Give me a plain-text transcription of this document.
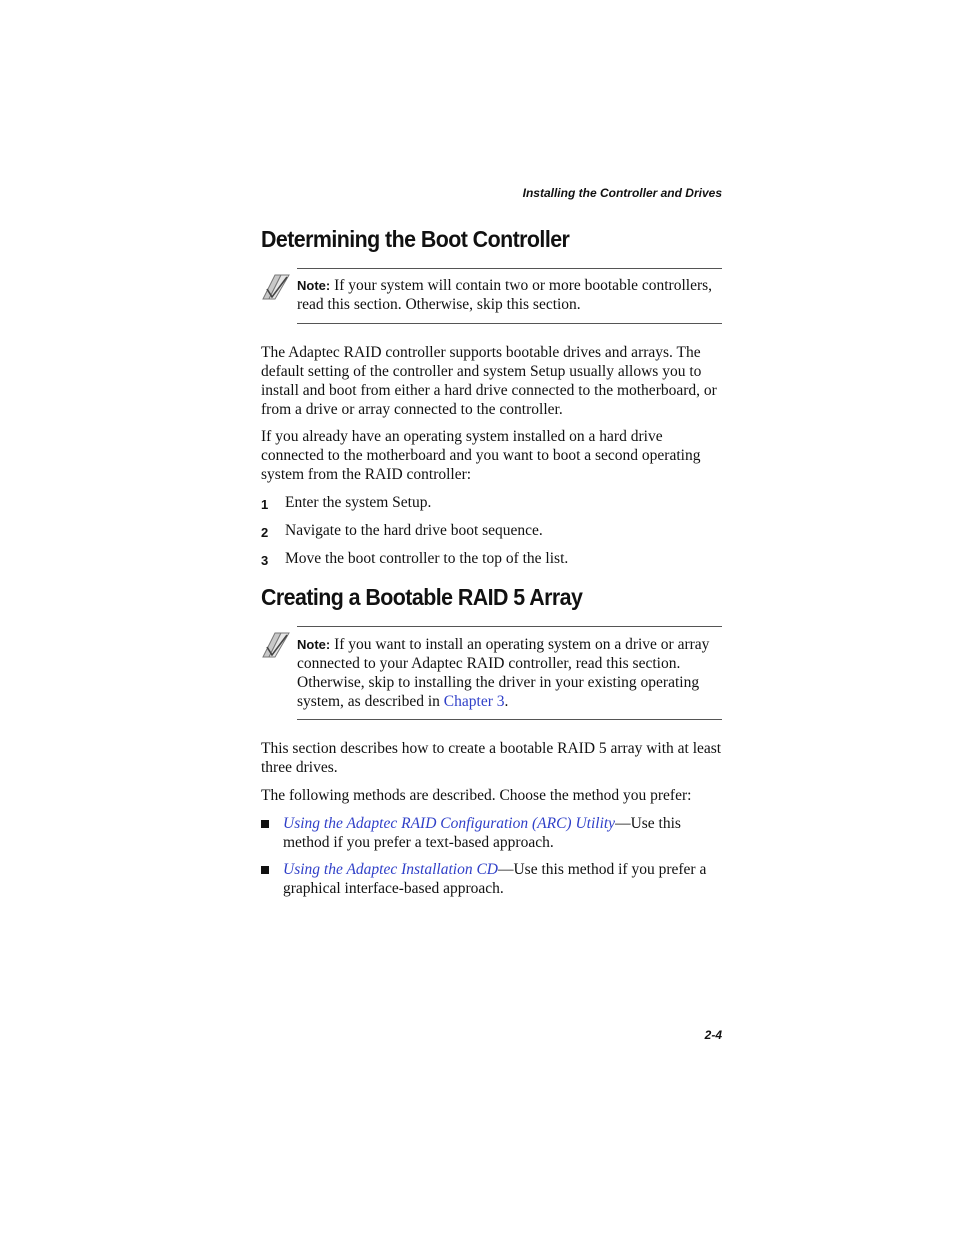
Installing the Controller and Drives
Determining the Boot Controller
Note: If your system will contain two or more bootable controllers, read this section. Otherwise, skip this section.
The Adaptec RAID controller supports bootable drives and arrays. The default setting of the controller and system Setup usually allows you to install and boot from either a hard drive connected to the motherboard, or from a drive or array connected to the controller.
If you already have an operating system installed on a hard drive connected to the motherboard and you want to boot a second operating system from the RAID controller:
1 Enter the system Setup.
2 Navigate to the hard drive boot sequence.
3 Move the boot controller to the top of the list.
Creating a Bootable RAID 5 Array
Note: If you want to install an operating system on a drive or array connected to your Adaptec RAID controller, read this section. Otherwise, skip to installing the driver in your existing operating system, as described in Chapter 3.
This section describes how to create a bootable RAID 5 array with at least three drives.
The following methods are described. Choose the method you prefer:
Using the Adaptec RAID Configuration (ARC) Utility—Use this method if you prefer a text-based approach.
Using the Adaptec Installation CD—Use this method if you prefer a graphical interface-based approach.
2-4
